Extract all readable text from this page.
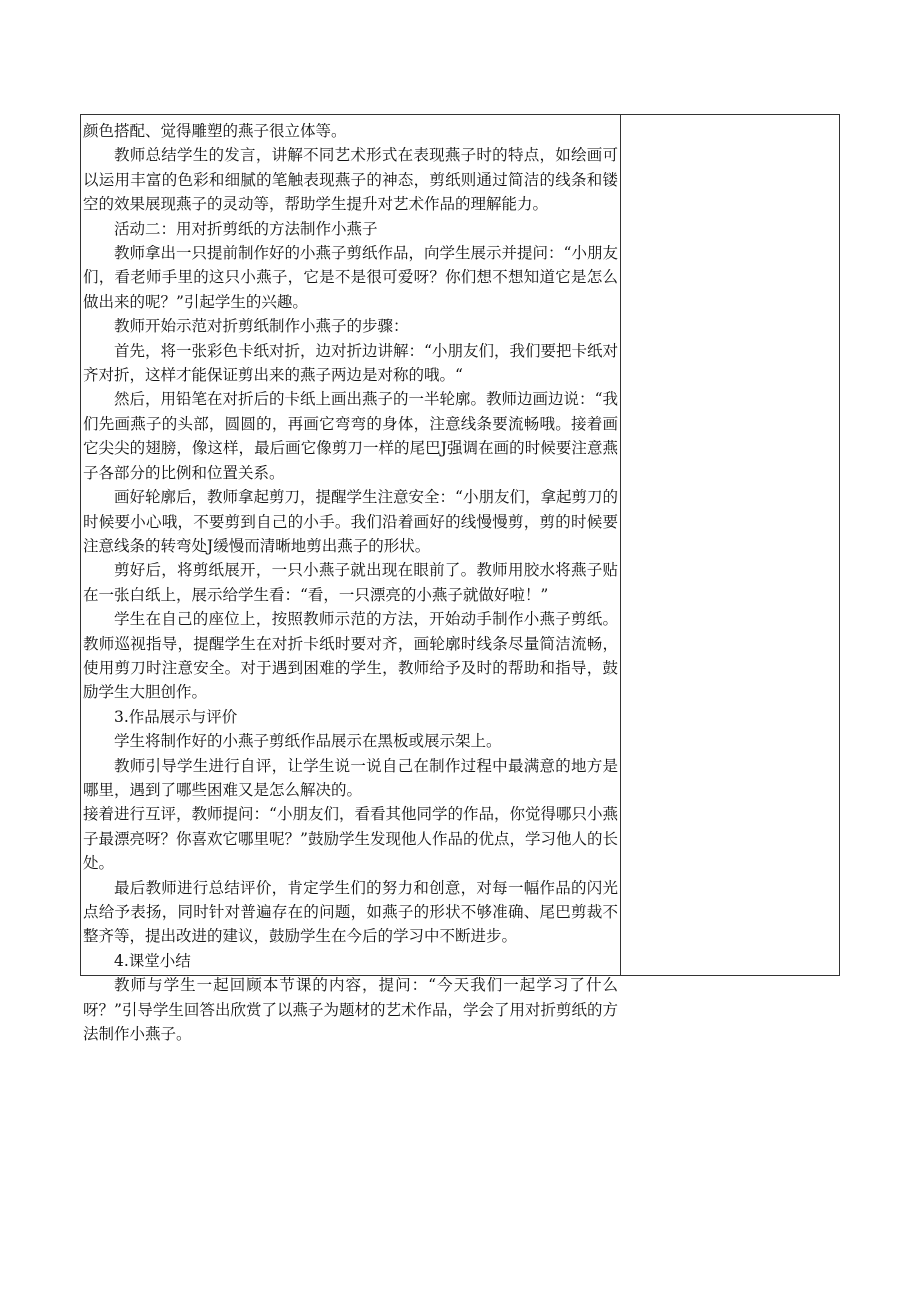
颜色搭配、觉得雕塑的燕子很立体等。

教师总结学生的发言，讲解不同艺术形式在表现燕子时的特点，如绘画可以运用丰富的色彩和细腻的笔触表现燕子的神态，剪纸则通过简洁的线条和镂空的效果展现燕子的灵动等，帮助学生提升对艺术作品的理解能力。

活动二：用对折剪纸的方法制作小燕子

教师拿出一只提前制作好的小燕子剪纸作品，向学生展示并提问：“小朋友们，看老师手里的这只小燕子，它是不是很可爱呀？你们想不想知道它是怎么做出来的呢？”引起学生的兴趣。

教师开始示范对折剪纸制作小燕子的步骤：

首先，将一张彩色卡纸对折，边对折边讲解：“小朋友们，我们要把卡纸对齐对折，这样才能保证剪出来的燕子两边是对称的哦。“

然后，用铅笔在对折后的卡纸上画出燕子的一半轮廓。教师边画边说：“我们先画燕子的头部，圆圆的，再画它弯弯的身体，注意线条要流畅哦。接着画它尖尖的翅膀，像这样，最后画它像剪刀一样的尾巴J强调在画的时候要注意燕子各部分的比例和位置关系。

画好轮廓后，教师拿起剪刀，提醒学生注意安全：“小朋友们，拿起剪刀的时候要小心哦，不要剪到自己的小手。我们沿着画好的线慢慢剪，剪的时候要注意线条的转弯处J缓慢而清晰地剪出燕子的形状。

剪好后，将剪纸展开，一只小燕子就出现在眼前了。教师用胶水将燕子贴在一张白纸上，展示给学生看：“看，一只漂亮的小燕子就做好啦！”

学生在自己的座位上，按照教师示范的方法，开始动手制作小燕子剪纸。教师巡视指导，提醒学生在对折卡纸时要对齐，画轮廓时线条尽量简洁流畅，使用剪刀时注意安全。对于遇到困难的学生，教师给予及时的帮助和指导，鼓励学生大胆创作。

3.作品展示与评价

学生将制作好的小燕子剪纸作品展示在黑板或展示架上。

教师引导学生进行自评，让学生说一说自己在制作过程中最满意的地方是哪里，遇到了哪些困难又是怎么解决的。

接着进行互评，教师提问：“小朋友们，看看其他同学的作品，你觉得哪只小燕子最漂亮呀？你喜欢它哪里呢？”鼓励学生发现他人作品的优点，学习他人的长处。

最后教师进行总结评价，肯定学生们的努力和创意，对每一幅作品的闪光点给予表扬，同时针对普遍存在的问题，如燕子的形状不够准确、尾巴剪裁不整齐等，提出改进的建议，鼓励学生在今后的学习中不断进步。

4.课堂小结

教师与学生一起回顾本节课的内容，提问：“今天我们一起学习了什么呀？”引导学生回答出欣赏了以燕子为题材的艺术作品，学会了用对折剪纸的方法制作小燕子。
